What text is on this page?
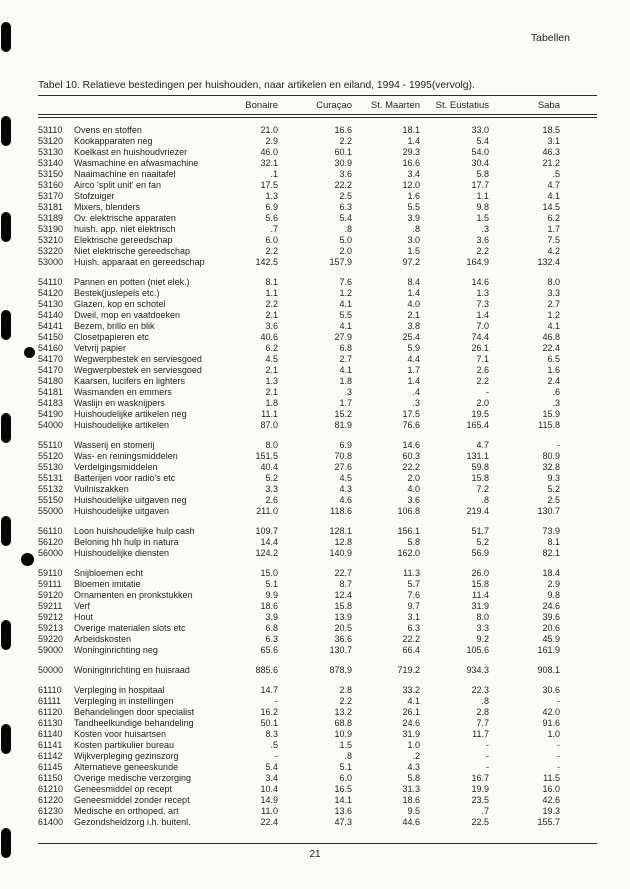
Tabellen
Tabel 10. Relatieve bestedingen per huishouden, naar artikelen en eiland, 1994 - 1995(vervolg).
Bonaire	Curaçao	St. Maarten	St. Eustatius	Saba
53110 Ovens en stoffen	21.0	16.6	18.1	33.0	18.5
53120 Kookapparaten neg	2.9	2.2	1.4	5.4	3.1
53130 Koelkast en huishoudvriezer	46.0	60.1	29.3	54.0	46.3
53140 Wasmachine en afwasmachine	32.1	30.9	16.6	30.4	21.2
53150 Naaimachine en naaitafel	.1	3.6	3.4	5.8	.5
53160 Airco 'split unit' en fan	17.5	22.2	12.0	17.7	4.7
53170 Stofzuiger	1.3	2.5	1.6	1.1	4.1
53181 Mixers, blenders	6.9	6.3	5.5	9.8	14.5
53189 Ov. elektrische apparaten	5.6	5.4	3.9	1.5	6.2
53190 huish. app. niet elektrisch	.7	.8	.8	.3	1.7
53210 Elektrische gereedschap	6.0	5.0	3.0	3.6	7.5
53220 Niet elektrische gereedschap	2.2	2.0	1.5	2.2	4.2
53000 Huish. apparaat en gereedschap	142.5	157.9	97.2	164.9	132.4
54110 Pannen en potten (niet elek.)	8.1	7.6	8.4	14.6	8.0
54120 Bestek(juslepels etc.)	1.1	1.2	1.4	1.3	3.3
54130 Glazen, kop en schotel	2.2	4.1	4.0	7.3	2.7
54140 Dweil, mop en vaatdoeken	2.1	5.5	2.1	1.4	1.2
54141 Bezem, brillo en blik	3.6	4.1	3.8	7.0	4.1
54150 Closetpapieren etc	40.6	27.9	25.4	74.4	46.8
54160 Vetvrij papier	6.2	6.8	5.9	26.1	22.4
54170 Wegwerpbestek en serviesgoed	4.5	2.7	4.4	7.1	6.5
54170 Wegwerpbestek en serviesgoed	2.1	4.1	1.7	2.6	1.6
54180 Kaarsen, lucifers en lighters	1.3	1.8	1.4	2.2	2.4
54181 Wasmanden en emmers	2.1	.3	.4	-	.6
54183 Waslijn en wasknijpers	1.8	1.7	.3	2.0	.3
54190 Huishoudelijke artikelen neg	11.1	15.2	17.5	19.5	15.9
54000 Huishoudelijke artikelen	87.0	81.9	76.6	165.4	115.8
55110 Wasserij en stomerij	8.0	6.9	14.6	4.7	-
55120 Was- en reiningsmiddelen	151.5	70.8	60.3	131.1	80.9
55130 Verdelgingsmiddelen	40.4	27.6	22.2	59.8	32.8
55131 Batterijen voor radio's etc	5.2	4.5	2.0	15.8	9.3
55132 Vuilniszakken	3.3	4.3	4.0	7.2	5.2
55150 Huishoudelijke uitgaven neg	2.6	4.6	3.6	.8	2.5
55000 Huishoudelijke uitgaven	211.0	118.6	106.8	219.4	130.7
56110 Loon huishoudelijke hulp cash	109.7	128.1	156.1	51.7	73.9
56120 Beloning hh hulp in natura	14.4	12.8	5.8	5.2	8.1
56000 Huishoudelijke diensten	124.2	140.9	162.0	56.9	82.1
59110 Snijbloemen echt	15.0	22.7	11.3	26.0	18.4
59111 Bloemen imitatie	5.1	8.7	5.7	15.8	2.9
59120 Ornamenten en pronkstukken	9.9	12.4	7.6	11.4	9.8
59211 Verf	18.6	15.8	9.7	31.9	24.6
59212 Hout	3.9	13.9	3.1	8.0	39.6
59213 Overige materialen slots etc	6.8	20.5	6.3	3.3	20.6
59220 Arbeidskosten	6.3	36.6	22.2	9.2	45.9
59000 Woninginrichting neg	65.6	130.7	66.4	105.6	161.9
50000 Woninginrichting en huisraad	885.6	878.9	719.2	934.3	908.1
61110 Verpleging in hospitaal	14.7	2.8	33.2	22.3	30.6
61111 Verpleging in instellingen	-	2.2	4.1	.8	-
61120 Behandelingen door specialist	16.2	13.2	26.1	2.8	42.0
61130 Tandheelkundige behandeling	50.1	68.8	24.6	7.7	91.6
61140 Kosten voor huisartsen	8.3	10.9	31.9	11.7	1.0
61141 Kosten partikulier bureau	.5	1.5	1.0	-	-
61142 Wijkverpleging gezinszorg	-	.8	.2	-	-
61145 Alternatieve geneeskunde	5.4	5.1	4.3	-	-
61150 Overige medische verzorging	3.4	6.0	5.8	16.7	11.5
61210 Geneesmiddel op recept	10.4	16.5	31.3	19.9	16.0
61220 Geneesmiddel zonder recept	14.9	14.1	18.6	23.5	42.6
61230 Medische en orthoped. art	11.0	13.6	9.5	.7	19.3
61400 Gezondsheidzorg i.h. buitenl.	22.4	47.3	44.6	22.5	155.7
21
